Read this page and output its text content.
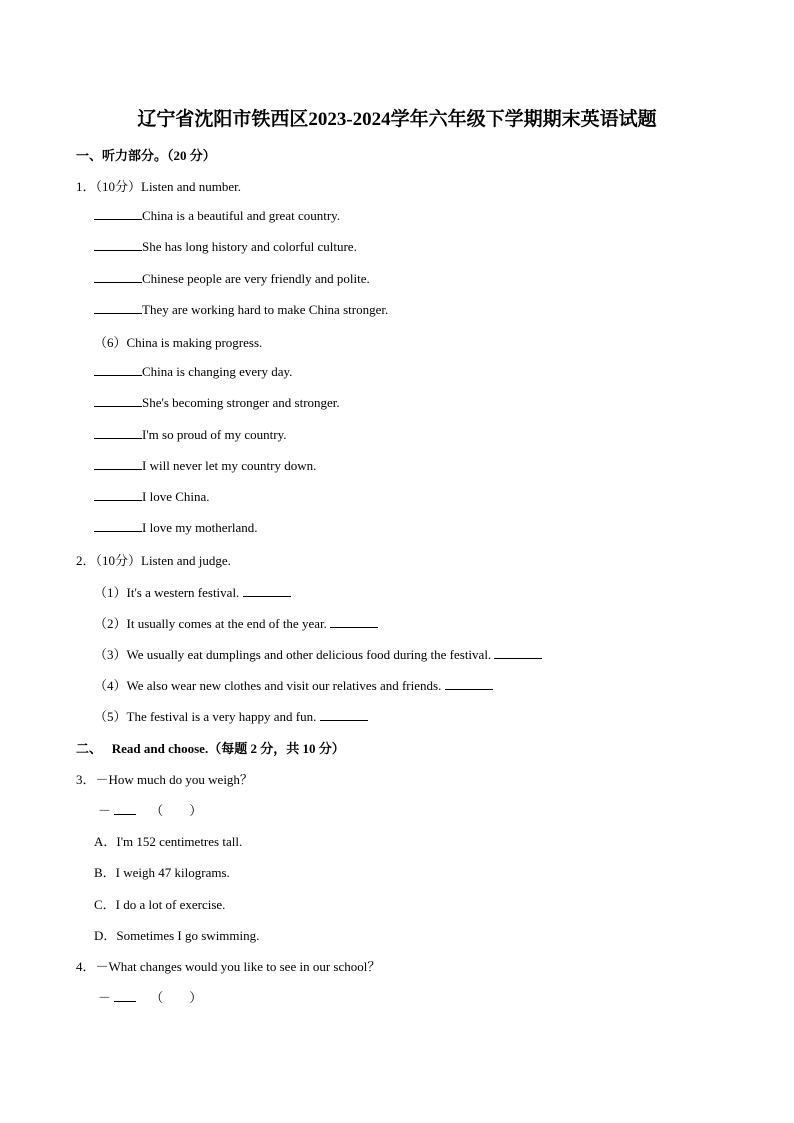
辽宁省沈阳市铁西区2023-2024学年六年级下学期期末英语试题
一、听力部分。（20 分）
1．（10分）Listen and number.
China is a beautiful and great country.
She has long history and colorful culture.
Chinese people are very friendly and polite.
They are working hard to make China stronger.
（6）China is making progress.
China is changing every day.
She's becoming stronger and stronger.
I'm so proud of my country.
I will never let my country down.
I love China.
I love my motherland.
2．（10分）Listen and judge.
（1）It's a western festival.
（2）It usually comes at the end of the year.
（3）We usually eat dumplings and other delicious food during the festival.
（4）We also wear new clothes and visit our relatives and friends.
（5）The festival is a very happy and fun.
二、 Read and choose.（每题 2 分，共 10 分）
3．－How much do you weigh？
－	（　　）
A．I'm 152 centimetres tall.
B．I weigh 47 kilograms.
C．I do a lot of exercise.
D．Sometimes I go swimming.
4．－What changes would you like to see in our school？
－	（　　）
